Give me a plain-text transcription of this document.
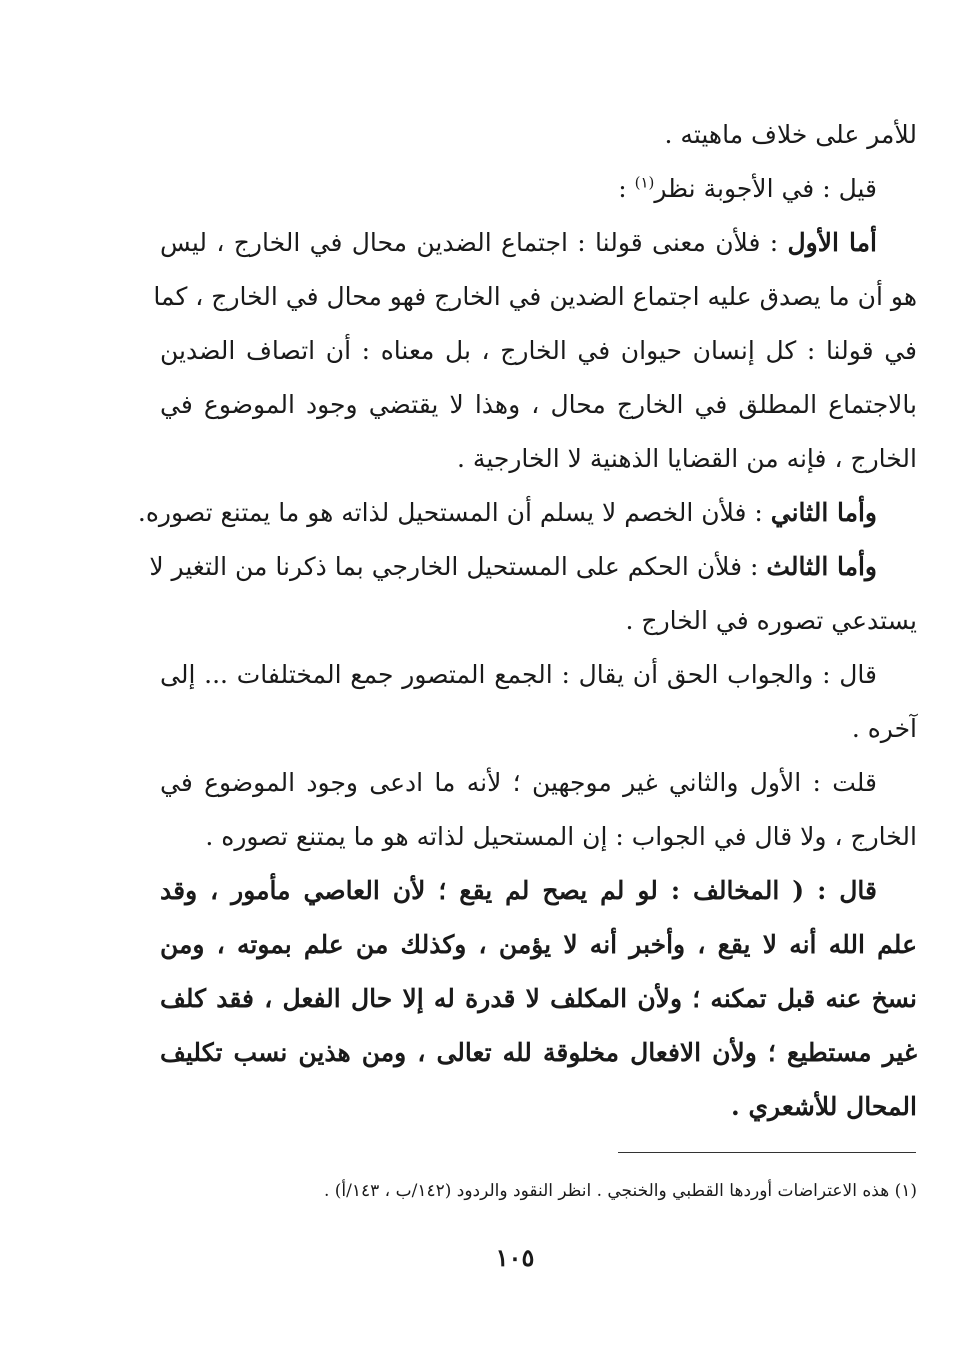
للأمر على خلاف ماهيته .
قيل : في الأجوبة نظر$^{(١)}$ :
أما الأول : فلأن معنى قولنا : اجتماع الضدين محال في الخارج ، ليس
هو أن ما يصدق عليه اجتماع الضدين في الخارج فهو محال في الخارج ، كما
في قولنا : كل إنسان حيوان في الخارج ، بل معناه : أن اتصاف الضدين
بالاجتماع المطلق في الخارج محال ، وهذا لا يقتضي وجود الموضوع في
الخارج ، فإنه من القضايا الذهنية لا الخارجية .
وأما الثاني : فلأن الخصم لا يسلم أن المستحيل لذاته هو ما يمتنع تصوره.
وأما الثالث : فلأن الحكم على المستحيل الخارجي بما ذكرنا من التغير لا
يستدعي تصوره في الخارج .
قال : والجواب الحق أن يقال : الجمع المتصور جمع المختلفات ... إلى
آخره .
قلت : الأول والثاني غير موجهين ؛ لأنه ما ادعى وجود الموضوع في
الخارج ، ولا قال في الجواب : إن المستحيل لذاته هو ما يمتنع تصوره .
قال : ( المخالف : لو لم يصح لم يقع ؛ لأن العاصي مأمور ، وقد
علم الله أنه لا يقع ، وأخبر أنه لا يؤمن ، وكذلك من علم بموته ، ومن
نسخ عنه قبل تمكنه ؛ ولأن المكلف لا قدرة له إلا حال الفعل ، فقد كلف
غير مستطيع ؛ ولأن الافعال مخلوقة لله تعالى ، ومن هذين نسب تكليف
المحال للأشعري .
(١) هذه الاعتراضات أوردها القطبي والخنجي . انظر النقود والردود (١٤٢/ب ، ١٤٣/أ) .
١٠٥
